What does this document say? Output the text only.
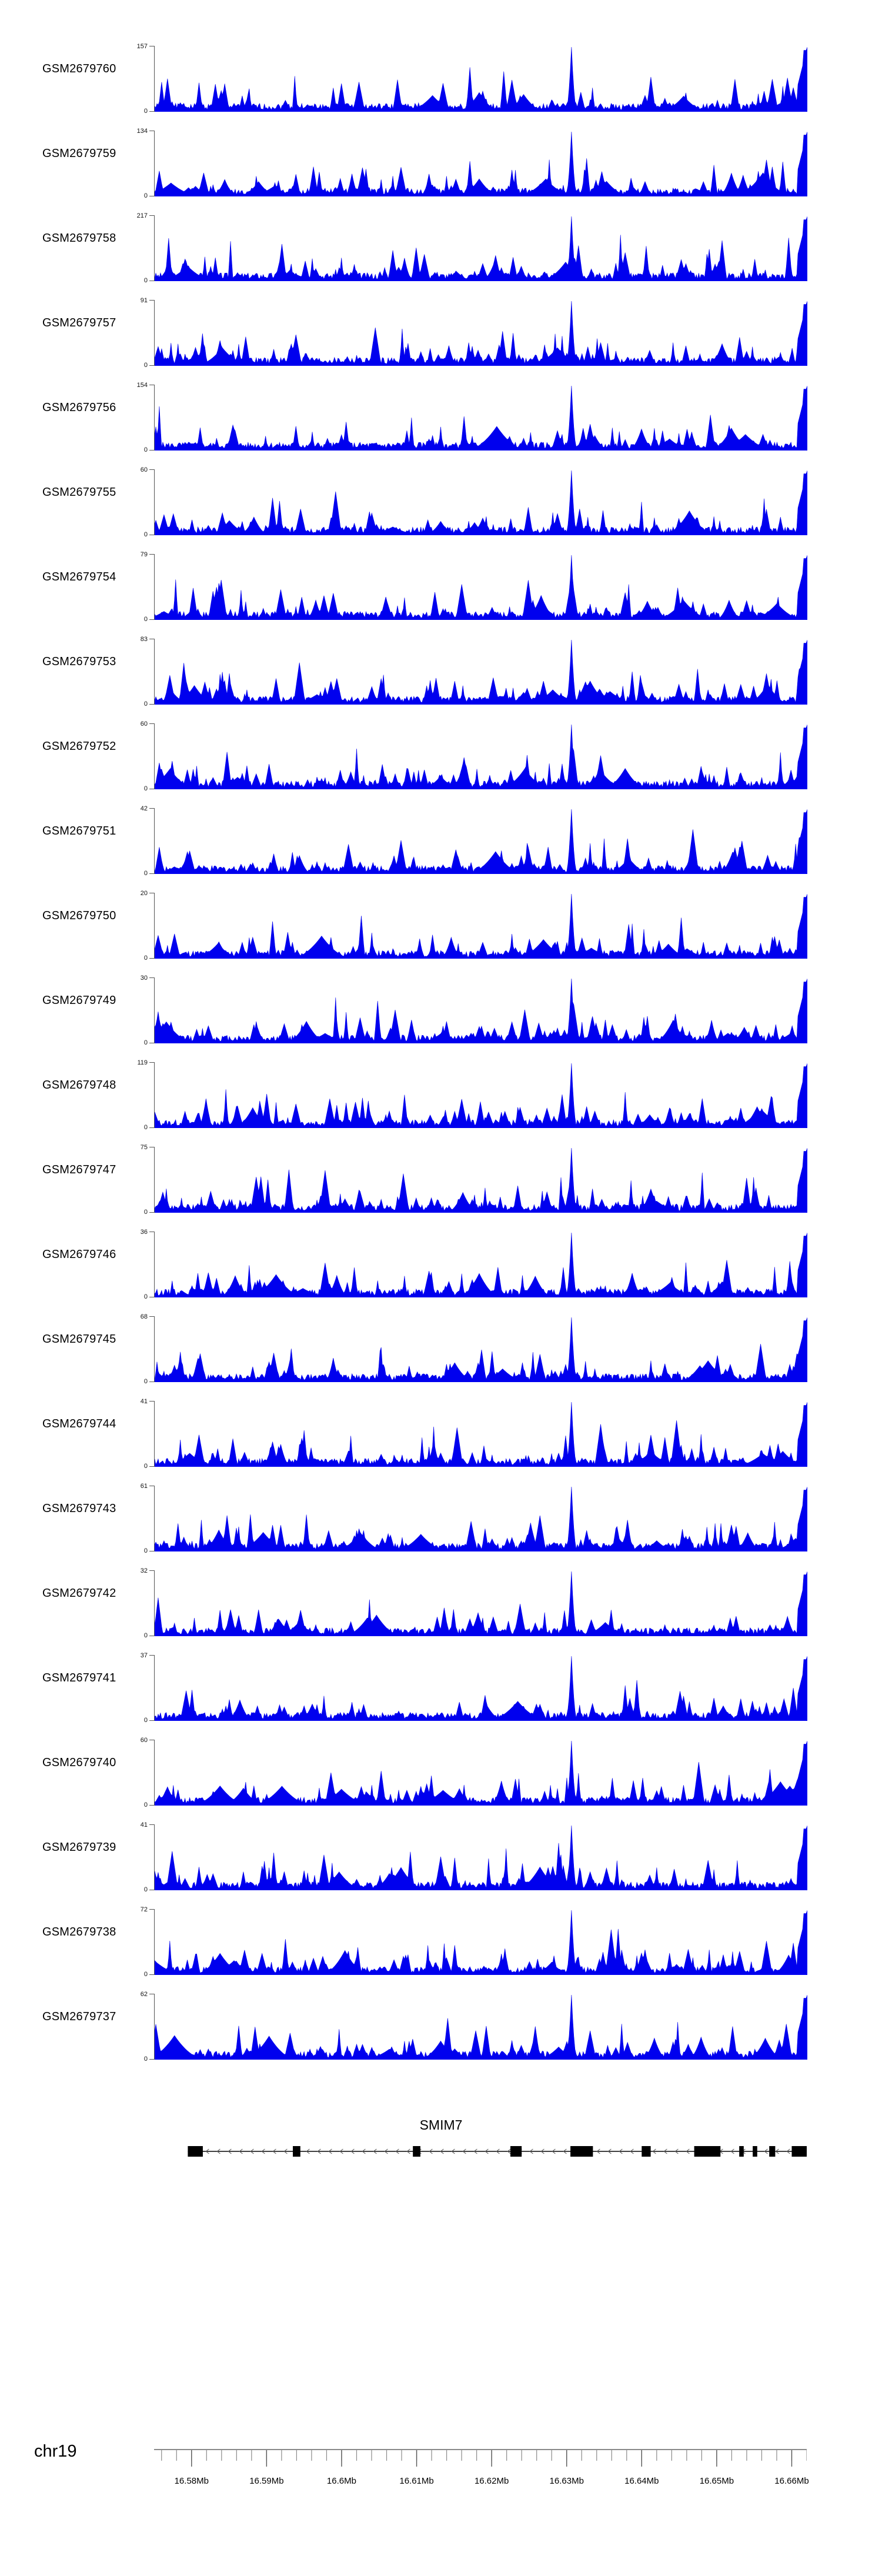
GSM2679760
157
0
GSM2679759
134
0
GSM2679758
217
0
GSM2679757
91
0
GSM2679756
154
0
GSM2679755
60
0
GSM2679754
79
0
GSM2679753
83
0
GSM2679752
60
0
GSM2679751
42
0
GSM2679750
20
0
GSM2679749
30
0
GSM2679748
119
0
GSM2679747
75
0
GSM2679746
36
0
GSM2679745
68
0
GSM2679744
41
0
GSM2679743
61
0
GSM2679742
32
0
GSM2679741
37
0
GSM2679740
60
0
GSM2679739
41
0
GSM2679738
72
0
GSM2679737
62
0
SMIM7
chr19
16.58Mb	16.59Mb	16.6Mb	16.61Mb	16.62Mb	16.63Mb	16.64Mb	16.65Mb	16.66Mb
